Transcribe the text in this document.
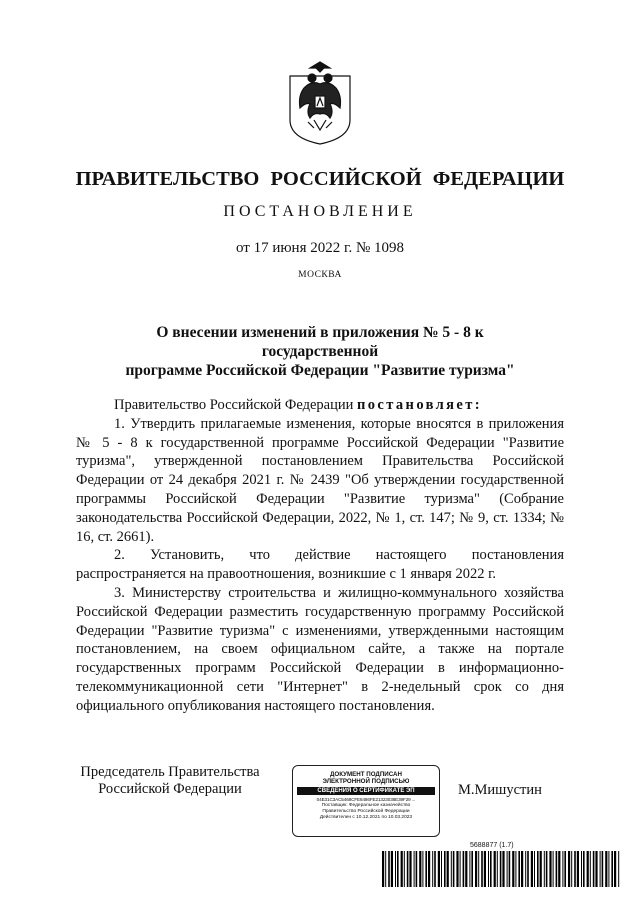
ПРАВИТЕЛЬСТВО РОССИЙСКОЙ ФЕДЕРАЦИИ
ПОСТАНОВЛЕНИЕ
от 17 июня 2022 г. № 1098
МОСКВА
О внесении изменений в приложения № 5 - 8 к государственной
программе Российской Федерации "Развитие туризма"

Правительство Российской Федерации постановляет:

1. Утвердить прилагаемые изменения, которые вносятся в приложения № 5 - 8 к государственной программе Российской Федерации "Развитие туризма", утвержденной постановлением Правительства Российской Федерации от 24 декабря 2021 г. № 2439 "Об утверждении государственной программы Российской Федерации "Развитие туризма" (Собрание законодательства Российской Федерации, 2022, № 1, ст. 147; № 9, ст. 1334; № 16, ст. 2661).

2. Установить, что действие настоящего постановления распространяется на правоотношения, возникшие с 1 января 2022 г.

3. Министерству строительства и жилищно-коммунального хозяйства Российской Федерации разместить государственную программу Российской Федерации "Развитие туризма" с изменениями, утвержденными настоящим постановлением, на своем официальном сайте, а также на портале государственных программ Российской Федерации в информационно-телекоммуникационной сети "Интернет" в 2-недельный срок со дня официального опубликования настоящего постановления.

Председатель Правительства
Российской Федерации
ДОКУМЕНТ ПОДПИСАН
ЭЛЕКТРОННОЙ ПОДПИСЬЮ
СВЕДЕНИЯ О СЕРТИФИКАТЕ ЭП
04E31C3AC5468CFE8486FE21323038E39F29 ...
Поставщик: Федеральное казначейство
Правительство Российской Федерации
Действителен с 10.12.2021 по 10.03.2023
М.Мишустин
5688877 (1.7)
